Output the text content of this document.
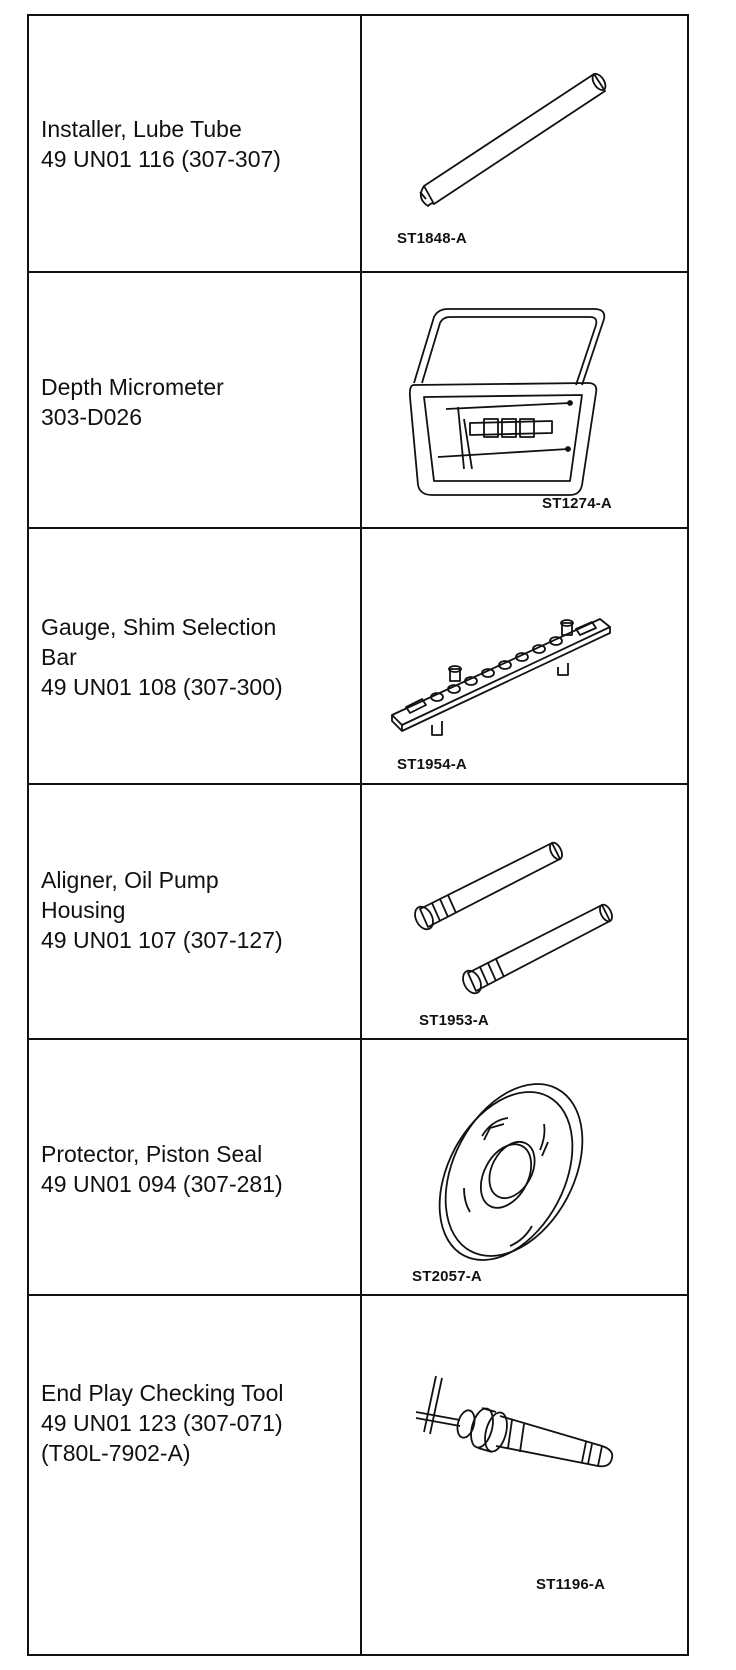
Installer, Lube Tube
49 UN01 116 (307-307)
ST1848-A
Depth Micrometer
303-D026
ST1274-A
Gauge, Shim Selection
Bar
49 UN01 108 (307-300)
ST1954-A
Aligner, Oil Pump
Housing
49 UN01 107 (307-127)
ST1953-A
Protector, Piston Seal
49 UN01 094 (307-281)
ST2057-A
End Play Checking Tool
49 UN01 123 (307-071)
(T80L-7902-A)
ST1196-A
